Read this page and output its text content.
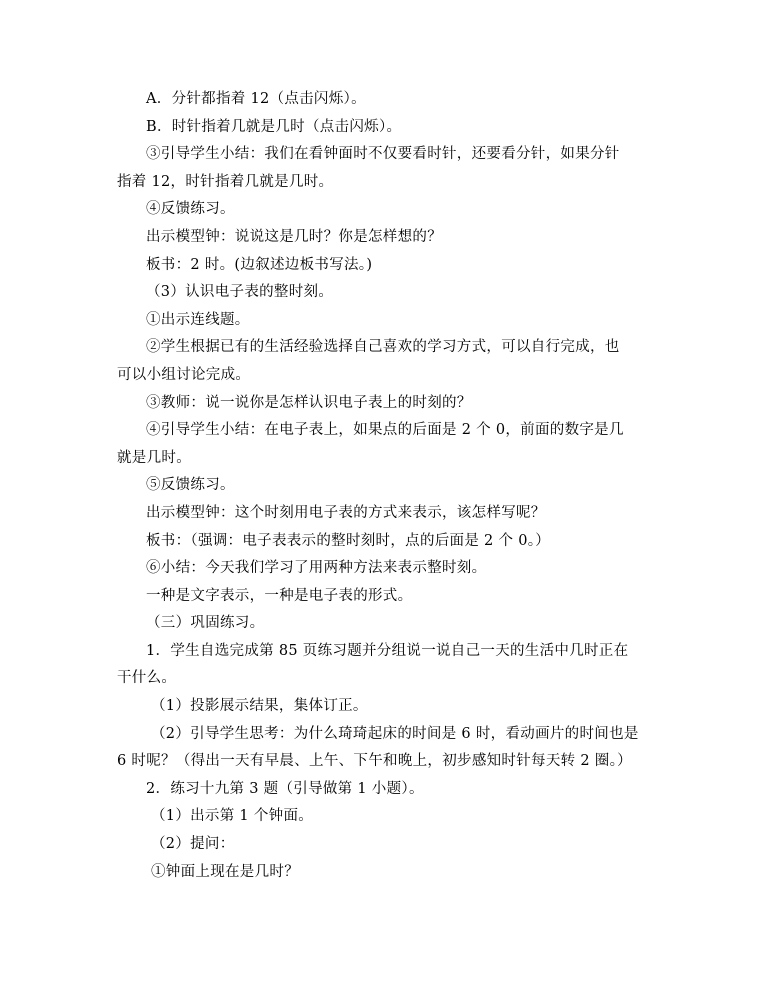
A．分针都指着 12（点击闪烁）。
B．时针指着几就是几时（点击闪烁）。
③引导学生小结：我们在看钟面时不仅要看时针，还要看分针，如果分针
指着 12，时针指着几就是几时。
④反馈练习。
出示模型钟：说说这是几时？你是怎样想的？
板书：2 时。(边叙述边板书写法。)
（3）认识电子表的整时刻。
①出示连线题。
②学生根据已有的生活经验选择自己喜欢的学习方式，可以自行完成，也
可以小组讨论完成。
③教师：说一说你是怎样认识电子表上的时刻的？
④引导学生小结：在电子表上，如果点的后面是 2 个 0，前面的数字是几
就是几时。
⑤反馈练习。
出示模型钟：这个时刻用电子表的方式来表示，该怎样写呢？
板书：（强调：电子表表示的整时刻时，点的后面是 2 个 0。）
⑥小结：今天我们学习了用两种方法来表示整时刻。
一种是文字表示，一种是电子表的形式。
（三）巩固练习。
1．学生自选完成第 85 页练习题并分组说一说自己一天的生活中几时正在
干什么。
（1）投影展示结果，集体订正。
（2）引导学生思考：为什么琦琦起床的时间是 6 时，看动画片的时间也是
6 时呢？（得出一天有早晨、上午、下午和晚上，初步感知时针每天转 2 圈。）
2．练习十九第 3 题（引导做第 1 小题）。
（1）出示第 1 个钟面。
（2）提问：
①钟面上现在是几时？
